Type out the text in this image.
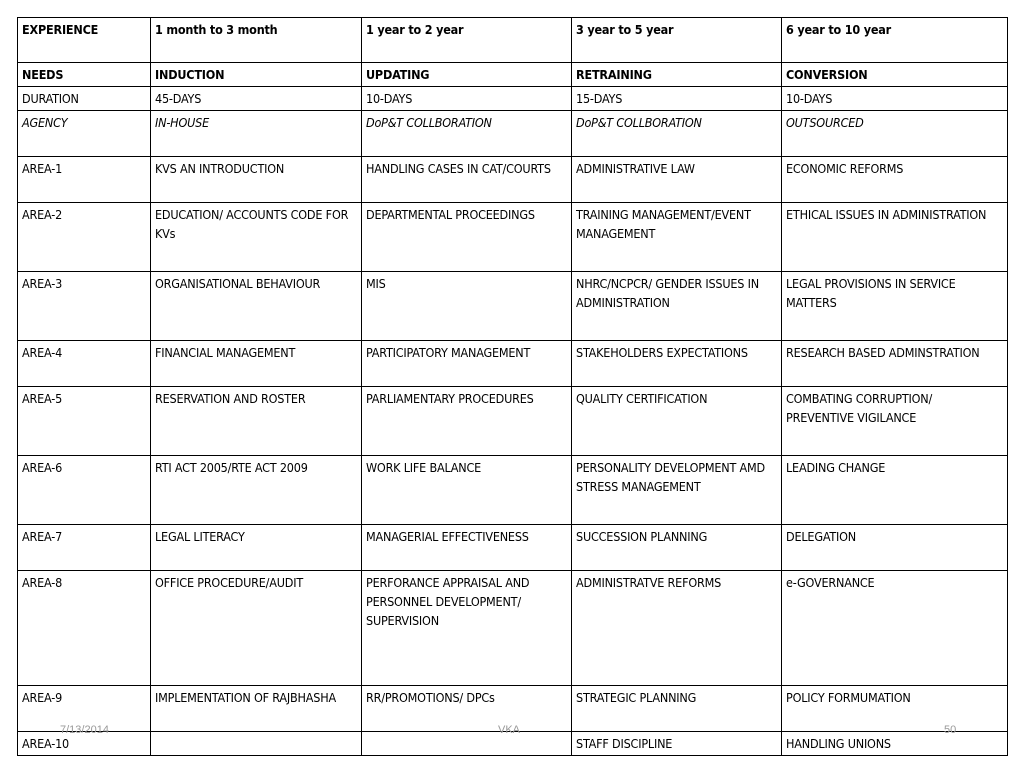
EXPERIENCE	1 month to 3 month	1 year to 2 year	3 year to 5 year	6 year to 10 year
NEEDS	INDUCTION	UPDATING	RETRAINING	CONVERSION
DURATION	45-DAYS	10-DAYS	15-DAYS	10-DAYS
AGENCY	IN-HOUSE	DoP&T COLLBORATION	DoP&T COLLBORATION	OUTSOURCED
AREA-1	KVS AN INTRODUCTION	HANDLING CASES IN CAT/COURTS	ADMINISTRATIVE LAW	ECONOMIC REFORMS
AREA-2	EDUCATION/ ACCOUNTS CODE FOR KVs	DEPARTMENTAL PROCEEDINGS	TRAINING MANAGEMENT/EVENT MANAGEMENT	ETHICAL ISSUES IN ADMINISTRATION
AREA-3	ORGANISATIONAL BEHAVIOUR	MIS	NHRC/NCPCR/ GENDER ISSUES IN ADMINISTRATION	LEGAL PROVISIONS IN SERVICE MATTERS
AREA-4	FINANCIAL MANAGEMENT	PARTICIPATORY MANAGEMENT	STAKEHOLDERS EXPECTATIONS	RESEARCH BASED ADMINSTRATION
AREA-5	RESERVATION AND ROSTER	PARLIAMENTARY PROCEDURES	QUALITY CERTIFICATION	COMBATING CORRUPTION/ PREVENTIVE VIGILANCE
AREA-6	RTI ACT 2005/RTE ACT 2009	WORK LIFE BALANCE	PERSONALITY DEVELOPMENT AMD STRESS MANAGEMENT	LEADING CHANGE
AREA-7	LEGAL LITERACY	MANAGERIAL EFFECTIVENESS	SUCCESSION PLANNING	DELEGATION
AREA-8	OFFICE PROCEDURE/AUDIT	PERFORANCE APPRAISAL AND PERSONNEL DEVELOPMENT/ SUPERVISION	ADMINISTRATVE REFORMS	e-GOVERNANCE
AREA-9	IMPLEMENTATION OF RAJBHASHA	RR/PROMOTIONS/ DPCs	STRATEGIC PLANNING	POLICY FORMUMATION
AREA-10			STAFF DISCIPLINE	HANDLING UNIONS
7/13/2014	VKA	50
